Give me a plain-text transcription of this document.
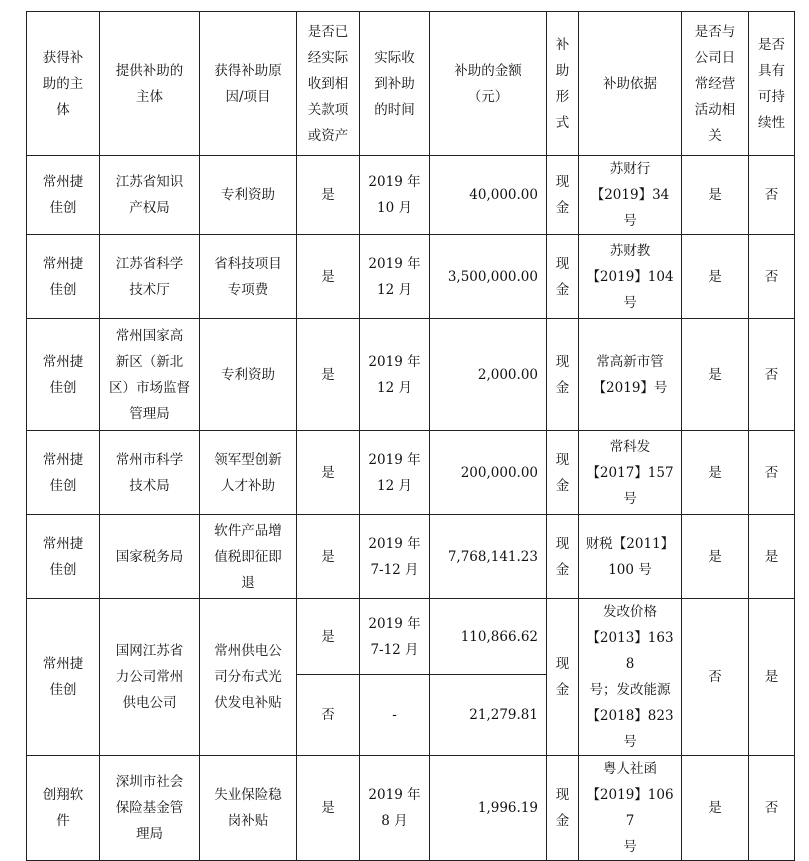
获得补
助的主
体	提供补助的
主体	获得补助原
因/项目	是否已
经实际
收到相
关款项
或资产	实际收
到补助
的时间	补助的金额
（元）	补
助
形
式	补助依据	是否与
公司日
常经营
活动相
关	是否
具有
可持
续性
常州捷
佳创	江苏省知识
产权局	专利资助	是	2019 年
10 月	40,000.00	现
金	苏财行
【2019】34 号	是	否
常州捷
佳创	江苏省科学
技术厅	省科技项目
专项费	是	2019 年
12 月	3,500,000.00	现
金	苏财教
【2019】104
号	是	否
常州捷
佳创	常州国家高
新区（新北
区）市场监督
管理局	专利资助	是	2019 年
12 月	2,000.00	现
金	常高新市管
【2019】号	是	否
常州捷
佳创	常州市科学
技术局	领军型创新
人才补助	是	2019 年
12 月	200,000.00	现
金	常科发
【2017】157
号	是	否
常州捷
佳创	国家税务局	软件产品增
值税即征即
退	是	2019 年
7-12 月	7,768,141.23	现
金	财税【2011】
100 号	是	是
常州捷
佳创	国网江苏省
力公司常州
供电公司	常州供电公
司分布式光
伏发电补贴	是	2019 年
7-12 月	110,866.62	现
金	发改价格
【2013】1638
号；发改能源
【2018】823
号	否	是
			否	-	21,279.81				
创翔软
件	深圳市社会
保险基金管
理局	失业保险稳
岗补贴	是	2019 年
8 月	1,996.19	现
金	粤人社函
【2019】1067
号	是	否
